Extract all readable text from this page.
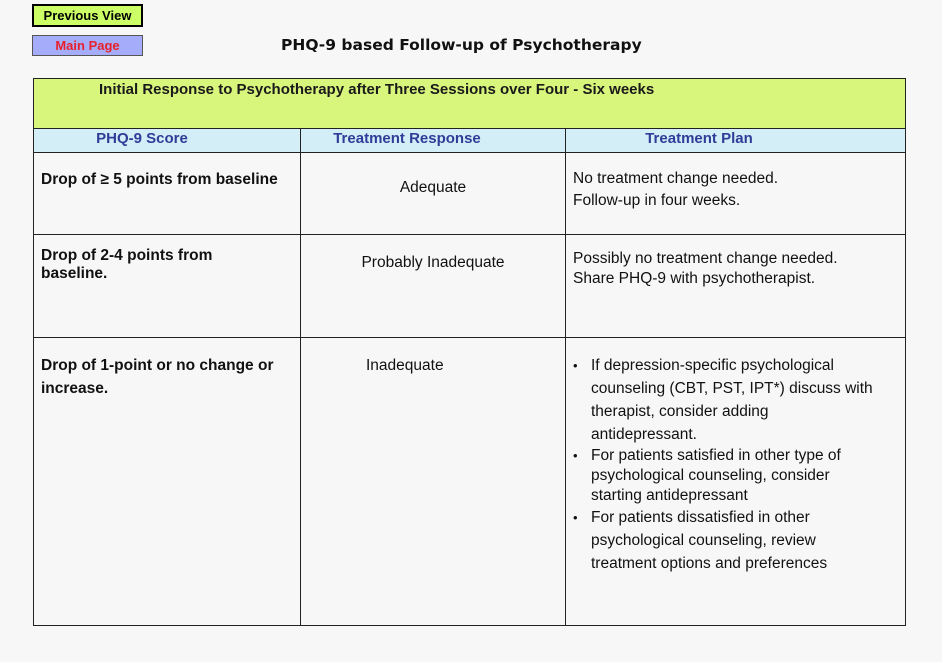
Previous View
Main Page	PHQ-9 based Follow-up of Psychotherapy
Initial Response to Psychotherapy after Three Sessions over Four - Six weeks
PHQ-9 Score	Treatment Response	Treatment Plan
Drop of ≥ 5 points from baseline	Adequate
No treatment change needed.
Follow-up in four weeks.
Drop of 2-4 points from baseline.
Probably Inadequate	Possibly no treatment change needed.
Share PHQ-9 with psychotherapist.
Drop of 1-point or no change or increase.
Inadequate
•	If depression-specific psychological counseling (CBT, PST, IPT*) discuss with therapist, consider adding antidepressant.
• For patients satisfied in other type of psychological counseling, consider starting antidepressant
• For patients dissatisfied in other psychological counseling, review treatment options and preferences
